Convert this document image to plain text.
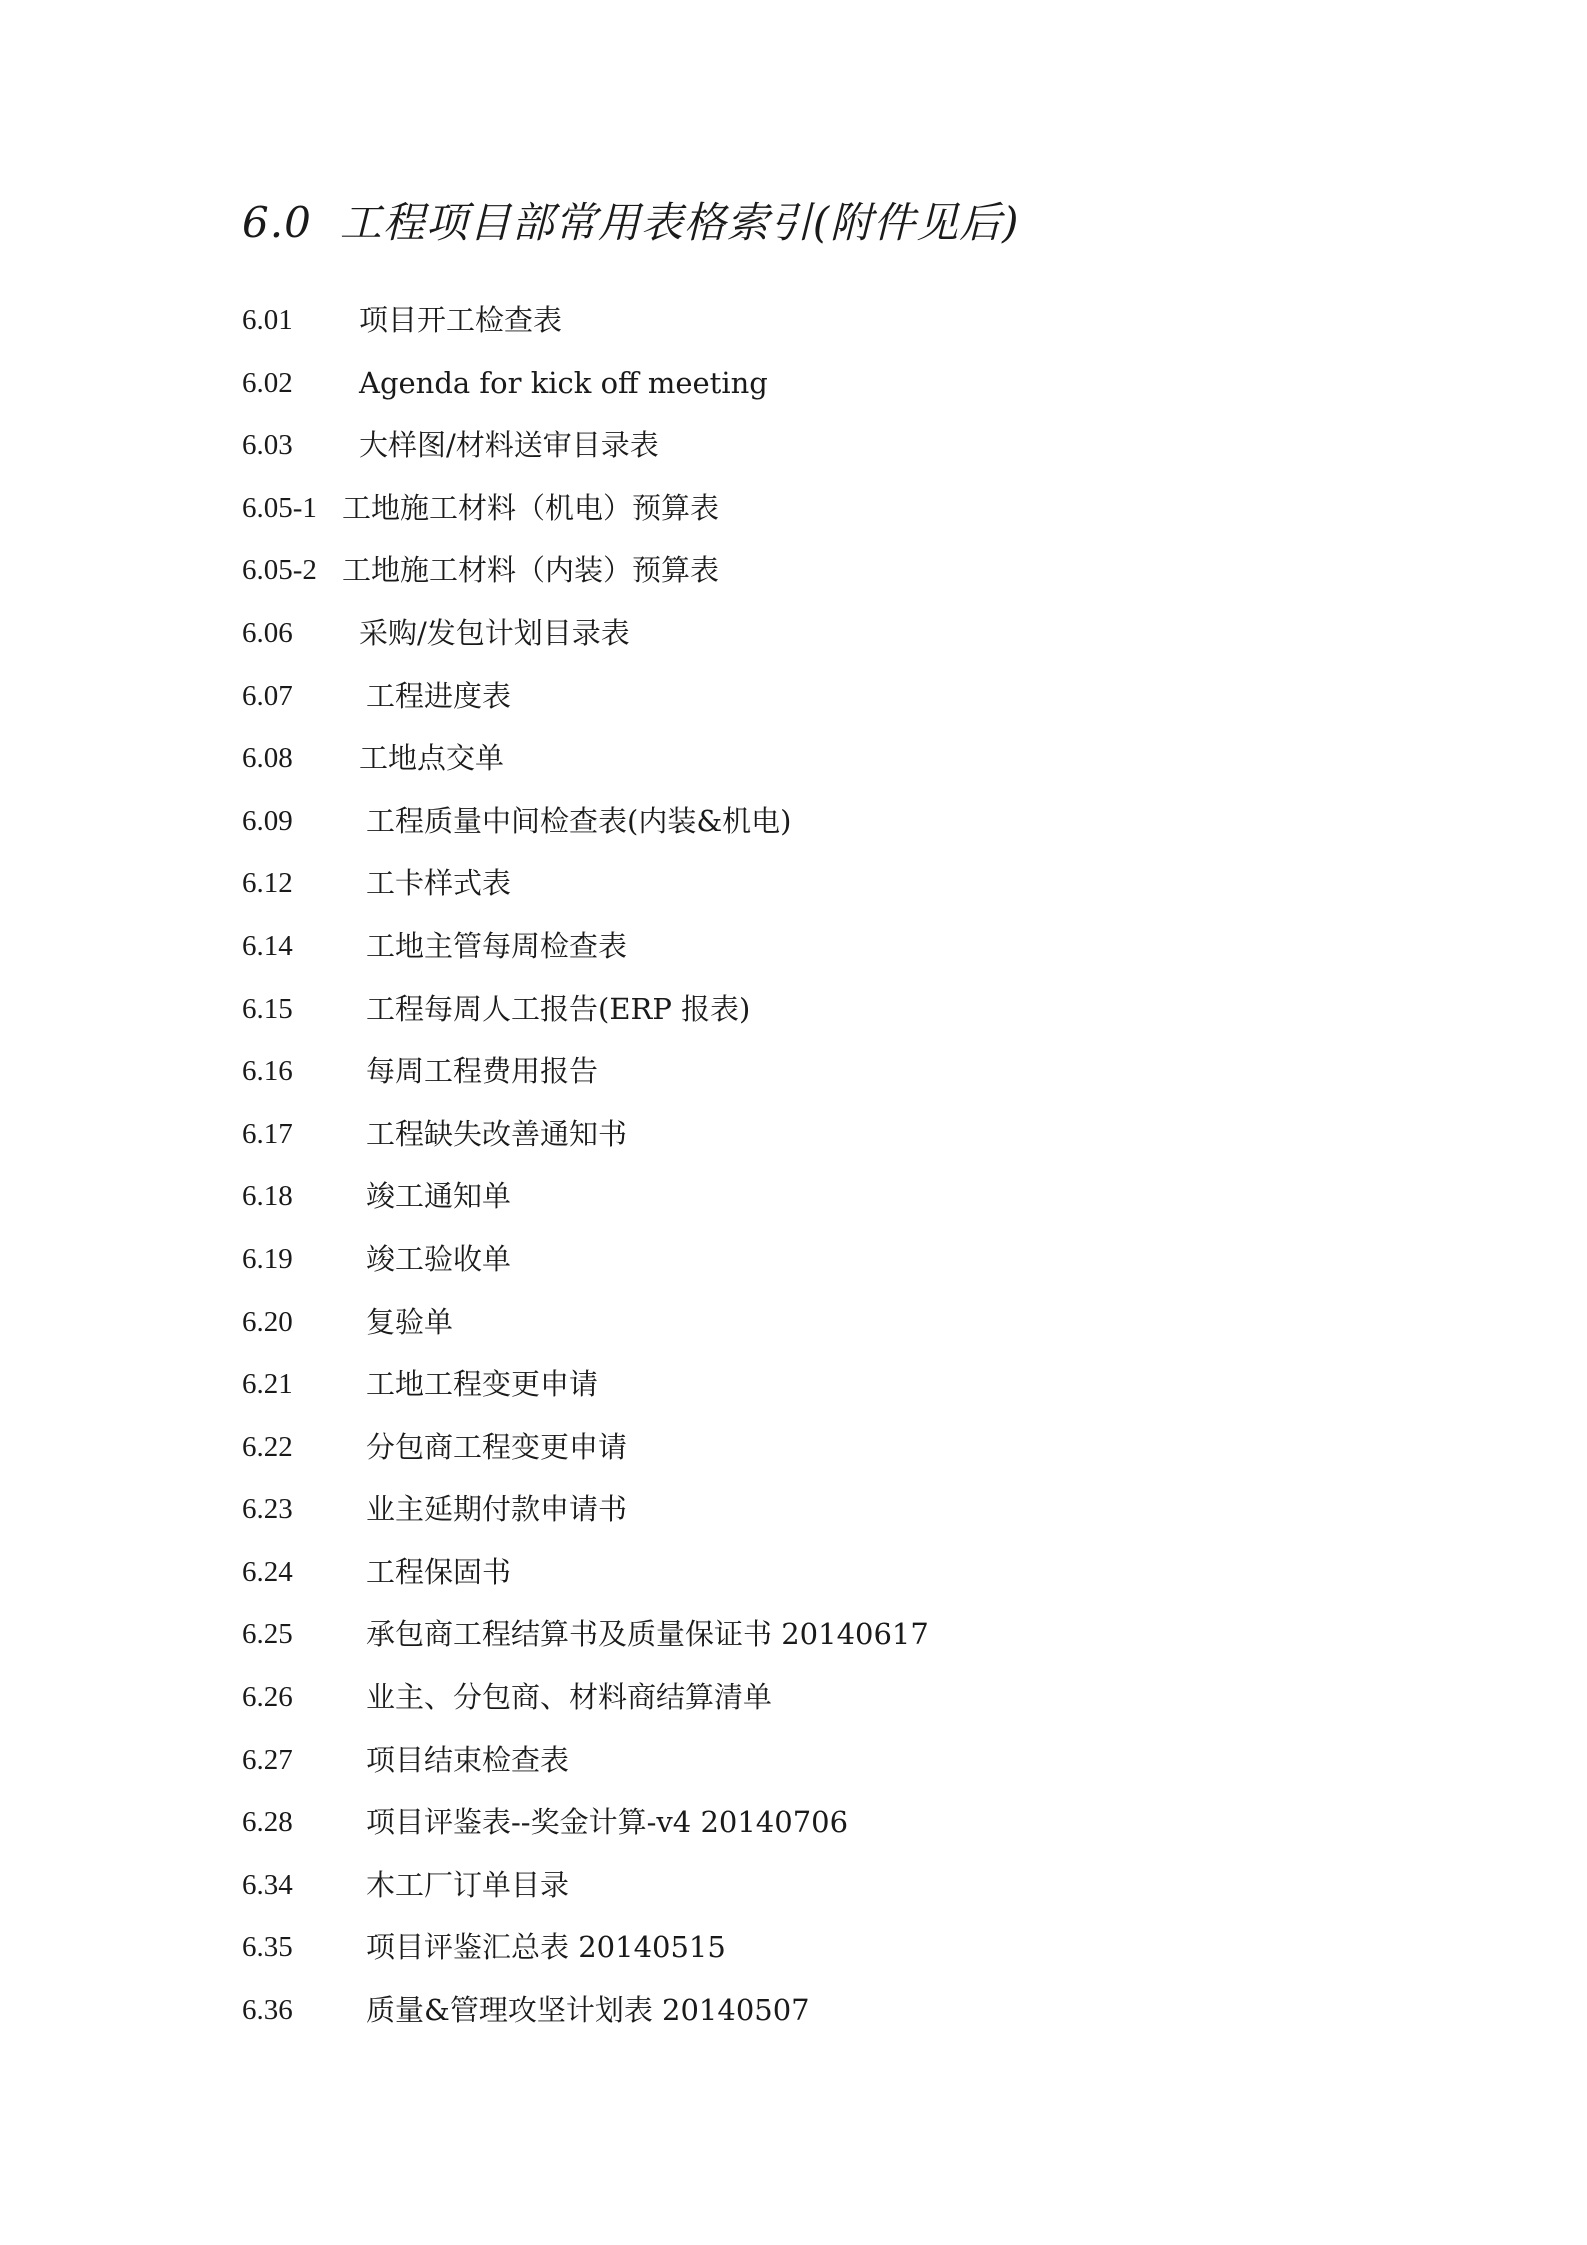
6.0 工程项目部常用表格索引(附件见后)
6.01 项目开工检查表
6.02 Agenda for kick off meeting
6.03 大样图/材料送审目录表
6.05-1 工地施工材料（机电）预算表
6.05-2 工地施工材料（内装）预算表
6.06 采购/发包计划目录表
6.07	工程进度表
6.08 工地点交单
6.09	工程质量中间检查表(内装&机电)
6.12	工卡样式表
6.14	工地主管每周检查表
6.15	工程每周人工报告(ERP 报表)
6.16	每周工程费用报告
6.17	工程缺失改善通知书
6.18	竣工通知单
6.19	竣工验收单
6.20	复验单
6.21	工地工程变更申请
6.22	分包商工程变更申请
6.23	业主延期付款申请书
6.24	工程保固书
6.25	承包商工程结算书及质量保证书 20140617
6.26	业主、分包商、材料商结算清单
6.27	项目结束检查表
6.28	项目评鉴表--奖金计算-v4 20140706
6.34	木工厂订单目录
6.35	项目评鉴汇总表 20140515
6.36	质量&管理攻坚计划表 20140507
